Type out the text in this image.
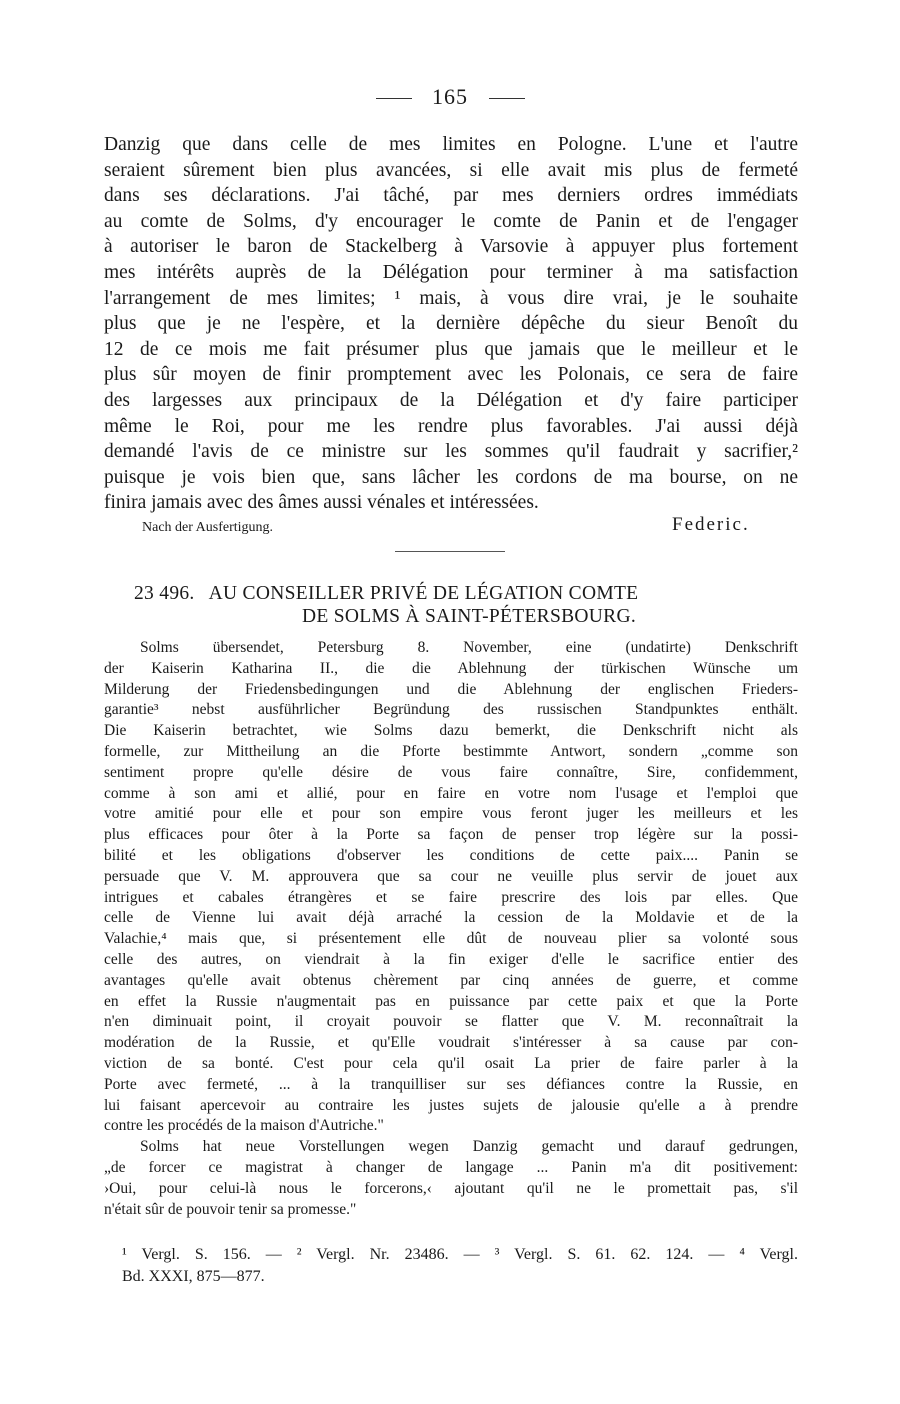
165
Danzig que dans celle de mes limites en Pologne. L'une et l'autre
seraient sûrement bien plus avancées, si elle avait mis plus de fermeté
dans ses déclarations. J'ai tâché, par mes derniers ordres immédiats
au comte de Solms, d'y encourager le comte de Panin et de l'engager
à autoriser le baron de Stackelberg à Varsovie à appuyer plus fortement
mes intérêts auprès de la Délégation pour terminer à ma satisfaction
l'arrangement de mes limites; ¹ mais, à vous dire vrai, je le souhaite
plus que je ne l'espère, et la dernière dépêche du sieur Benoît du
12 de ce mois me fait présumer plus que jamais que le meilleur et le
plus sûr moyen de finir promptement avec les Polonais, ce sera de faire
des largesses aux principaux de la Délégation et d'y faire participer
même le Roi, pour me les rendre plus favorables. J'ai aussi déjà
demandé l'avis de ce ministre sur les sommes qu'il faudrait y sacrifier,²
puisque je vois bien que, sans lâcher les cordons de ma bourse, on ne
finira jamais avec des âmes aussi vénales et intéressées.
Nach der Ausfertigung.	Federic.
23 496. AU CONSEILLER PRIVÉ DE LÉGATION COMTE
DE SOLMS À SAINT-PÉTERSBOURG.
Solms übersendet, Petersburg 8. November, eine (undatirte) Denkschrift
der Kaiserin Katharina II., die die Ablehnung der türkischen Wünsche um
Milderung der Friedensbedingungen und die Ablehnung der englischen Frieders-
garantie³ nebst ausführlicher Begründung des russischen Standpunktes enthält.
Die Kaiserin betrachtet, wie Solms dazu bemerkt, die Denkschrift nicht als
formelle, zur Mittheilung an die Pforte bestimmte Antwort, sondern „comme son
sentiment propre qu'elle désire de vous faire connaître, Sire, confidemment,
comme à son ami et allié, pour en faire en votre nom l'usage et l'emploi que
votre amitié pour elle et pour son empire vous feront juger les meilleurs et les
plus efficaces pour ôter à la Porte sa façon de penser trop légère sur la possi-
bilité et les obligations d'observer les conditions de cette paix.... Panin se
persuade que V. M. approuvera que sa cour ne veuille plus servir de jouet aux
intrigues et cabales étrangères et se faire prescrire des lois par elles. Que
celle de Vienne lui avait déjà arraché la cession de la Moldavie et de la
Valachie,⁴ mais que, si présentement elle dût de nouveau plier sa volonté sous
celle des autres, on viendrait à la fin exiger d'elle le sacrifice entier des
avantages qu'elle avait obtenus chèrement par cinq années de guerre, et comme
en effet la Russie n'augmentait pas en puissance par cette paix et que la Porte
n'en diminuait point, il croyait pouvoir se flatter que V. M. reconnaîtrait la
modération de la Russie, et qu'Elle voudrait s'intéresser à sa cause par con-
viction de sa bonté. C'est pour cela qu'il osait La prier de faire parler à la
Porte avec fermeté, ... à la tranquilliser sur ses défiances contre la Russie, en
lui faisant apercevoir au contraire les justes sujets de jalousie qu'elle a à prendre
contre les procédés de la maison d'Autriche."
Solms hat neue Vorstellungen wegen Danzig gemacht und darauf gedrungen,
„de forcer ce magistrat à changer de langage ... Panin m'a dit positivement:
›Oui, pour celui-là nous le forcerons,‹ ajoutant qu'il ne le promettait pas, s'il
n'était sûr de pouvoir tenir sa promesse."
¹ Vergl. S. 156. — ² Vergl. Nr. 23486. — ³ Vergl. S. 61. 62. 124. — ⁴ Vergl.
Bd. XXXI, 875—877.
